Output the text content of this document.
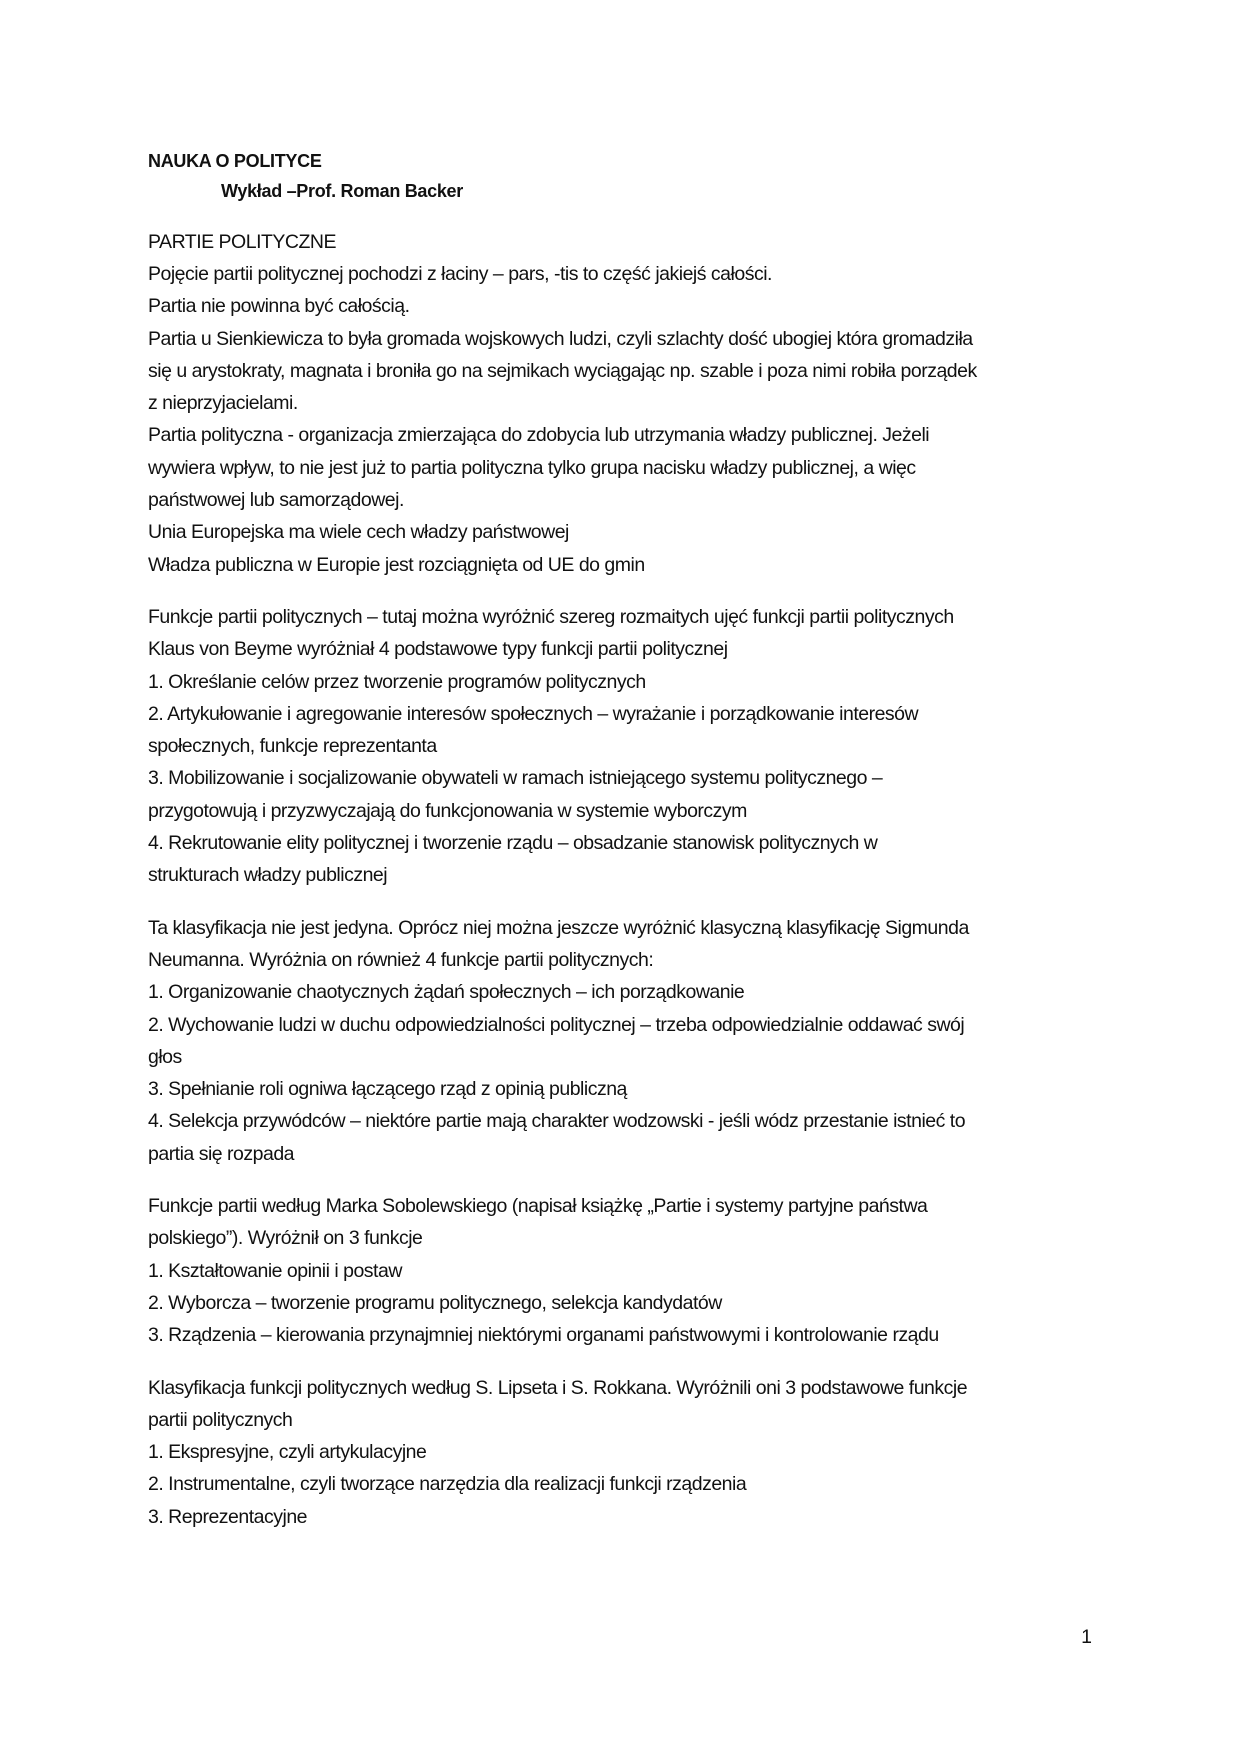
NAUKA O POLITYCE
Wykład –Prof. Roman Backer
PARTIE POLITYCZNE
Pojęcie partii politycznej pochodzi z łaciny – pars, -tis to część jakiejś całości.
Partia nie powinna być całością.
Partia u Sienkiewicza to była gromada wojskowych ludzi, czyli szlachty dość ubogiej która gromadziła
się u arystokraty, magnata i broniła go na sejmikach wyciągając np. szable i poza nimi robiła porządek
z nieprzyjacielami.
Partia polityczna - organizacja zmierzająca do zdobycia lub utrzymania władzy publicznej. Jeżeli
wywiera wpływ, to nie jest już to partia polityczna tylko grupa nacisku władzy publicznej, a więc
państwowej lub samorządowej.
Unia Europejska ma wiele cech władzy państwowej
Władza publiczna w Europie jest rozciągnięta od UE do gmin
Funkcje partii politycznych – tutaj można wyróżnić szereg rozmaitych ujęć funkcji partii politycznych
Klaus von Beyme wyróżniał 4 podstawowe typy funkcji partii politycznej
1. Określanie celów przez tworzenie programów politycznych
2. Artykułowanie i agregowanie interesów społecznych – wyrażanie i porządkowanie interesów
społecznych, funkcje reprezentanta
3. Mobilizowanie i socjalizowanie obywateli w ramach istniejącego systemu politycznego –
przygotowują i przyzwyczajają do funkcjonowania w systemie wyborczym
4. Rekrutowanie elity politycznej i tworzenie rządu – obsadzanie stanowisk politycznych w
strukturach władzy publicznej
Ta klasyfikacja nie jest jedyna. Oprócz niej można jeszcze wyróżnić klasyczną klasyfikację Sigmunda
Neumanna. Wyróżnia on również 4 funkcje partii politycznych:
1. Organizowanie chaotycznych żądań społecznych – ich porządkowanie
2. Wychowanie ludzi w duchu odpowiedzialności politycznej – trzeba odpowiedzialnie oddawać swój
głos
3. Spełnianie roli ogniwa łączącego rząd z opinią publiczną
4. Selekcja przywódców – niektóre partie mają charakter wodzowski - jeśli wódz przestanie istnieć to
partia się rozpada
Funkcje partii według Marka Sobolewskiego (napisał książkę „Partie i systemy partyjne państwa
polskiego”). Wyróżnił on 3 funkcje
1. Kształtowanie opinii i postaw
2. Wyborcza – tworzenie programu politycznego, selekcja kandydatów
3. Rządzenia – kierowania przynajmniej niektórymi organami państwowymi i kontrolowanie rządu
Klasyfikacja funkcji politycznych według S. Lipseta i S. Rokkana. Wyróżnili oni 3 podstawowe funkcje
partii politycznych
1. Ekspresyjne, czyli artykulacyjne
2. Instrumentalne, czyli tworzące narzędzia dla realizacji funkcji rządzenia
3. Reprezentacyjne
1
